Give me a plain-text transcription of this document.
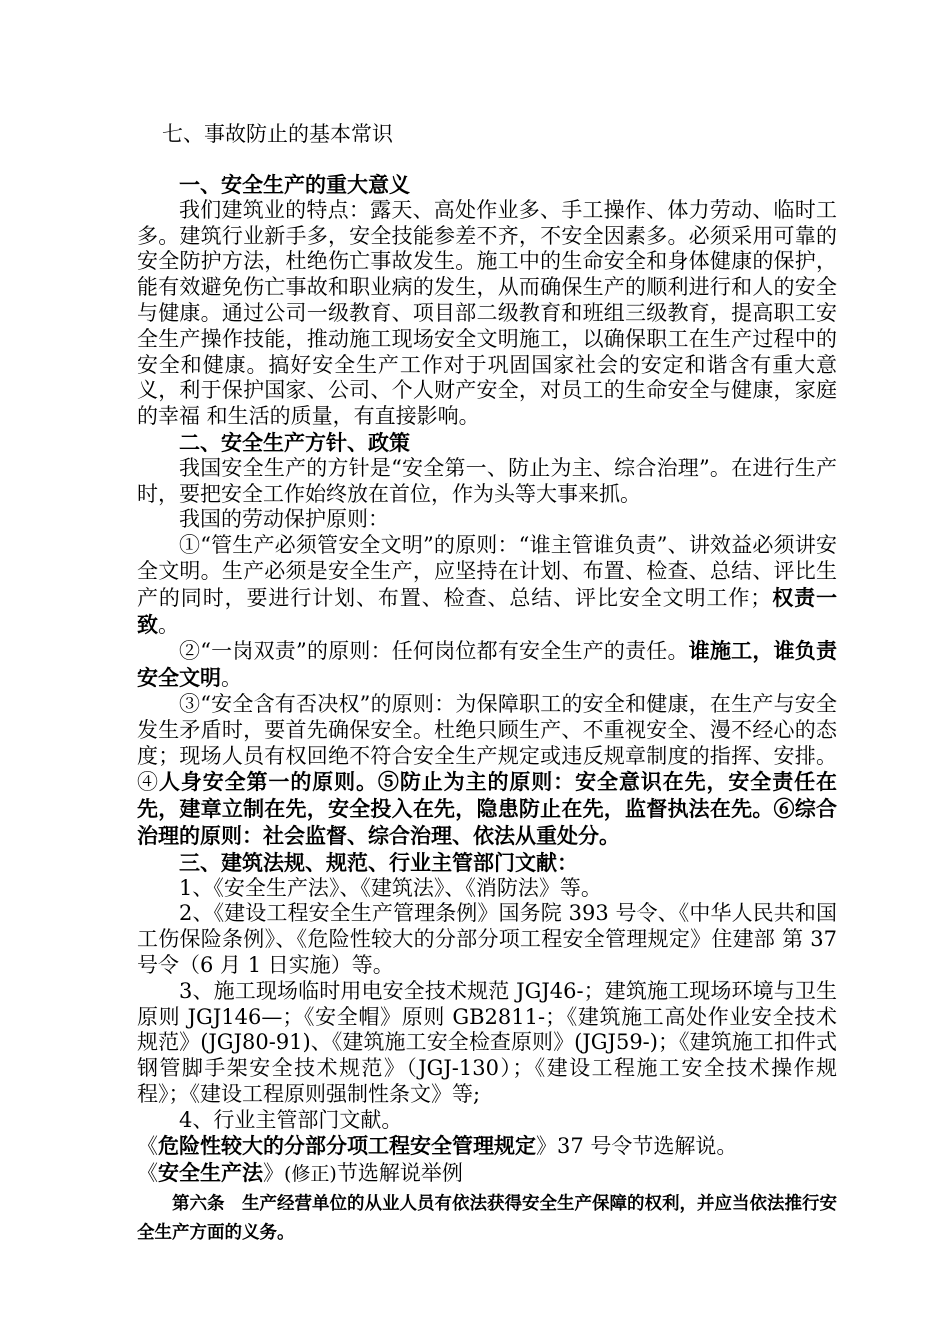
七、事故防止的基本常识

一、安全生产的重大意义

我们建筑业的特点：露天、高处作业多、手工操作、体力劳动、临时工多。建筑行业新手多，安全技能参差不齐，不安全因素多。必须采用可靠的安全防护方法，杜绝伤亡事故发生。施工中的生命安全和身体健康的保护，能有效避免伤亡事故和职业病的发生，从而确保生产的顺利进行和人的安全与健康。通过公司一级教育、项目部二级教育和班组三级教育，提高职工安全生产操作技能，推动施工现场安全文明施工，以确保职工在生产过程中的安全和健康。搞好安全生产工作对于巩固国家社会的安定和谐含有重大意义，利于保护国家、公司、个人财产安全，对员工的生命安全与健康，家庭的幸福 和生活的质量，有直接影响。

二、安全生产方针、政策

我国安全生产的方针是“安全第一、防止为主、综合治理”。在进行生产时，要把安全工作始终放在首位，作为头等大事来抓。

我国的劳动保护原则：

①“管生产必须管安全文明”的原则：“谁主管谁负责”、讲效益必须讲安全文明。生产必须是安全生产，应坚持在计划、布置、检查、总结、评比生产的同时，要进行计划、布置、检查、总结、评比安全文明工作；权责一致。

②“一岗双责”的原则：任何岗位都有安全生产的责任。谁施工，谁负责安全文明。

③“安全含有否决权”的原则：为保障职工的安全和健康，在生产与安全发生矛盾时，要首先确保安全。杜绝只顾生产、不重视安全、漫不经心的态度；现场人员有权回绝不符合安全生产规定或违反规章制度的指挥、安排。④人身安全第一的原则。⑤防止为主的原则：安全意识在先，安全责任在先，建章立制在先，安全投入在先，隐患防止在先，监督执法在先。⑥综合治理的原则：社会监督、综合治理、依法从重处分。

三、建筑法规、规范、行业主管部门文献：

1、《安全生产法》、《建筑法》、《消防法》等。

2、《建设工程安全生产管理条例》国务院 393 号令、《中华人民共和国工伤保险条例》、《危险性较大的分部分项工程安全管理规定》住建部 第 37 号令（6 月 1 日实施）等。

3、施工现场临时用电安全技术规范 JGJ46-；建筑施工现场环境与卫生原则 JGJ146—；《安全帽》原则 GB2811-；《建筑施工高处作业安全技术规范》(JGJ80-91)、《建筑施工安全检查原则》(JGJ59-)；《建筑施工扣件式钢管脚手架安全技术规范》（JGJ-130）；《建设工程施工安全技术操作规程》；《建设工程原则强制性条文》等;

4、行业主管部门文献。

《危险性较大的分部分项工程安全管理规定》37 号令节选解说。

《安全生产法》(修正)节选解说举例

第六条　生产经营单位的从业人员有依法获得安全生产保障的权利，并应当依法推行安全生产方面的义务。
